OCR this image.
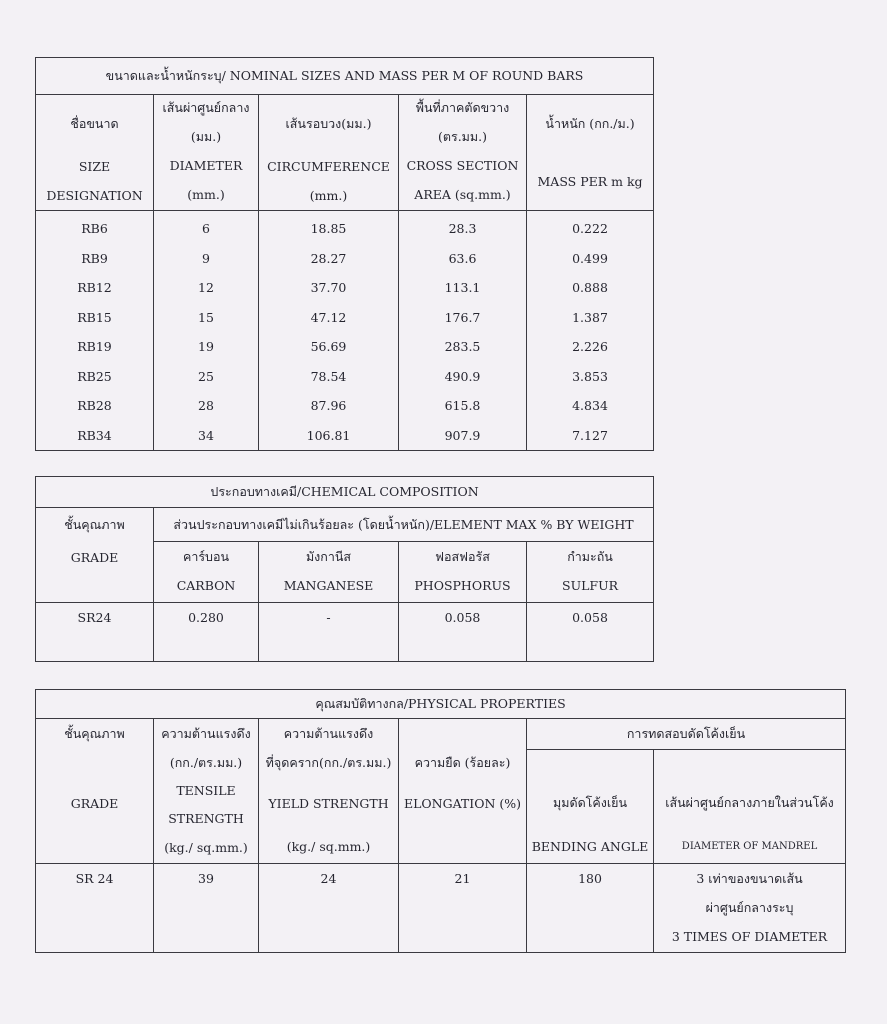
ขนาดและน้ำหนักระบุ/ NOMINAL SIZES AND MASS PER M OF ROUND BARS				

ชื่อขนาด
SIZE
DESIGNATION	เส้นผ่าศูนย์กลาง
(มม.)
DIAMETER
(mm.)	เส้นรอบวง(มม.)
CIRCUMFERENCE
(mm.)	พื้นที่ภาคตัดขวาง
(ตร.มม.)
CROSS SECTION
AREA (sq.mm.)	น้ำหนัก (กก./ม.)
MASS PER m kg

RB6	6	18.85	28.3	0.222
RB9	9	28.27	63.6	0.499
RB12	12	37.70	113.1	0.888
RB15	15	47.12	176.7	1.387
RB19	19	56.69	283.5	2.226
RB25	25	78.54	490.9	3.853
RB28	28	87.96	615.8	4.834
RB34	34	106.81	907.9	7.127
ประกอบทางเคมี/CHEMICAL COMPOSITION				

ชั้นคุณภาพ
GRADE	ส่วนประกอบทางเคมีไม่เกินร้อยละ (โดยน้ำหนัก)/ELEMENT MAX % BY WEIGHT			

	คาร์บอน
CARBON	มังกานีส
MANGANESE	ฟอสฟอรัส
PHOSPHORUS	กำมะถัน
SULFUR

SR24	0.280	-	0.058	0.058
คุณสมบัติทางกล/PHYSICAL PROPERTIES					

ชั้นคุณภาพ
GRADE	ความต้านแรงดึง
(กก./ตร.มม.)
TENSILE
STRENGTH
(kg./ sq.mm.)	ความต้านแรงดึง
ที่จุดคราก(กก./ตร.มม.)
YIELD STRENGTH
(kg./ sq.mm.)	ความยืด (ร้อยละ)
ELONGATION (%)	การทดสอบดัดโค้งเย็น	

				มุมดัดโค้งเย็น
BENDING ANGLE	เส้นผ่าศูนย์กลางภายในส่วนโค้ง
DIAMETER OF MANDREL

SR 24	39	24	21	180	3 เท่าของขนาดเส้น
ผ่าศูนย์กลางระบุ
3 TIMES OF DIAMETER
